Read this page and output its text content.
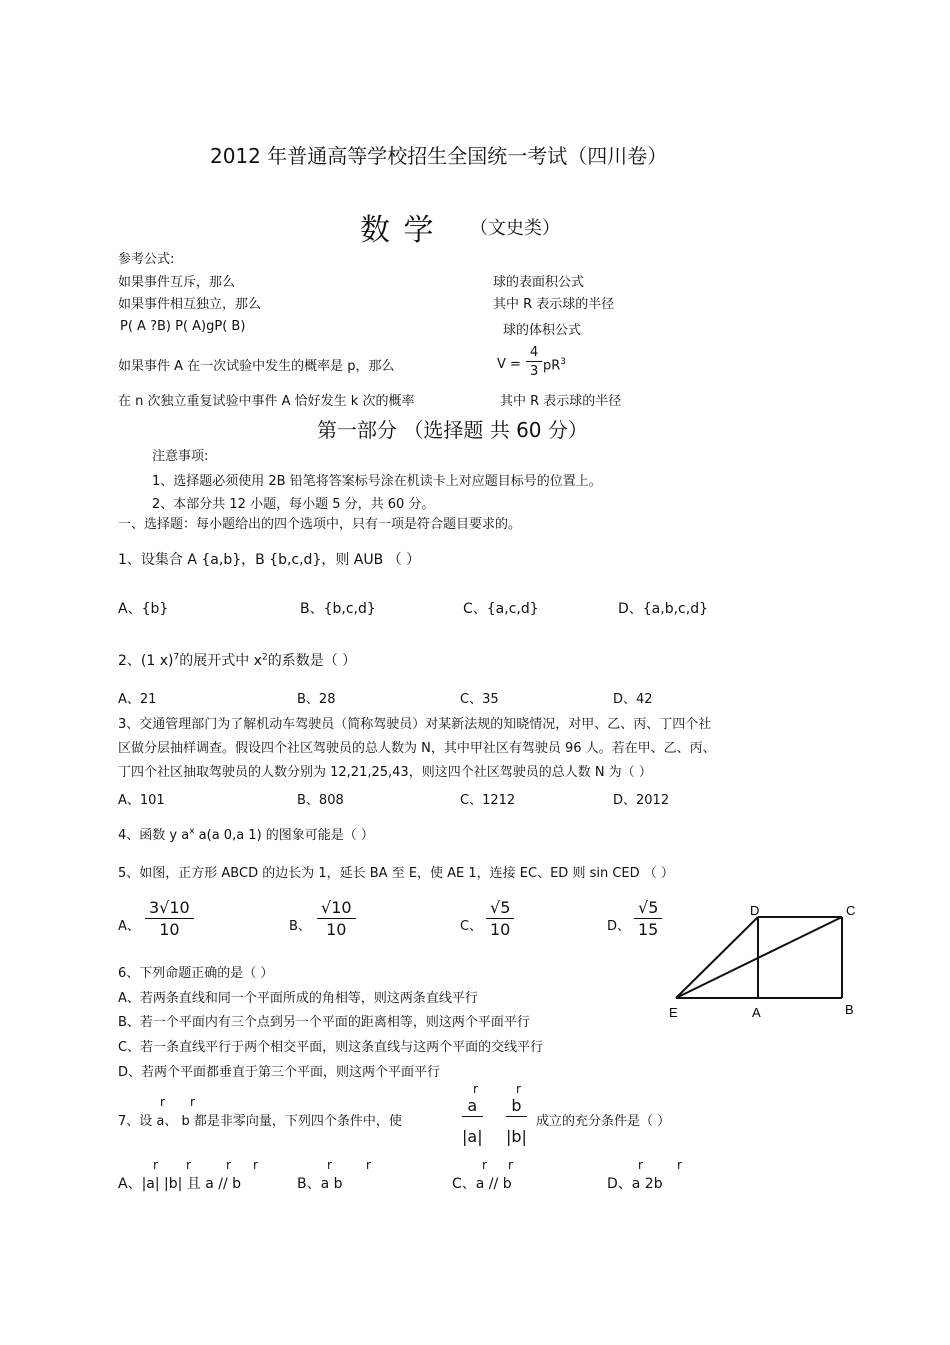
2012 年普通高等学校招生全国统一考试（四川卷）
数 学 （文史类）
参考公式:
如果事件互斥，那么	球的表面积公式
如果事件相互独立，那么	其中 R 表示球的半径
P( A ?B) P( A)gP( B)	球的体积公式
如果事件 A 在一次试验中发生的概率是 p，那么	$V = \frac{4}{3} pR^3$
在 n 次独立重复试验中事件 A 恰好发生 k 次的概率	其中 R 表示球的半径
第一部分 （选择题 共 60 分）
注意事项:
1、选择题必须使用 2B 铅笔将答案标号涂在机读卡上对应题目标号的位置上。
2、本部分共 12 小题，每小题 5 分，共 60 分。
一、选择题：每小题给出的四个选项中，只有一项是符合题目要求的。
1、设集合 A {a,b}，B {b,c,d}，则 AUB （ ）
A、{b}	B、{b,c,d}	C、{a,c,d}	D、{a,b,c,d}
2、(1 x)$^7$的展开式中 $x^2$的系数是（ ）
A、21	B、28	C、35	D、42
3、交通管理部门为了解机动车驾驶员（简称驾驶员）对某新法规的知晓情况，对甲、乙、丙、丁四个社
区做分层抽样调查。假设四个社区驾驶员的总人数为 N，其中甲社区有驾驶员 96 人。若在甲、乙、丙、
丁四个社区抽取驾驶员的人数分别为 12,21,25,43，则这四个社区驾驶员的总人数 N 为（ ）
A、101	B、808	C、1212	D、2012
4、函数 y $a^x$ a(a 0,a 1) 的图象可能是（ ）
5、如图，正方形 ABCD 的边长为 1，延长 BA 至 E，使 AE 1，连接 EC、ED 则 sin CED （ ）
A、 $\frac{3√10}{10}$	B、 $\frac{√10}{10}$	C、 $\frac{√5}{10}$	D、 $\frac{√5}{15}$	D	C
E	A	B
6、下列命题正确的是（ ）
A、若两条直线和同一个平面所成的角相等，则这两条直线平行
B、若一个平面内有三个点到另一个平面的距离相等，则这两个平面平行
C、若一条直线平行于两个相交平面，则这条直线与这两个平面的交线平行
D、若两个平面都垂直于第三个平面，则这两个平面平行
r r
7、设 a、 b 都是非零向量，下列四个条件中，使
r
$\frac{a}{|a|}$
r
$\frac{b}{|b|}$ 成立的充分条件是（ ）
r r	r r
A、|a| |b| 且 a // b
r	r
B、a b
r r
C、a // b
r	r
D、a 2b
